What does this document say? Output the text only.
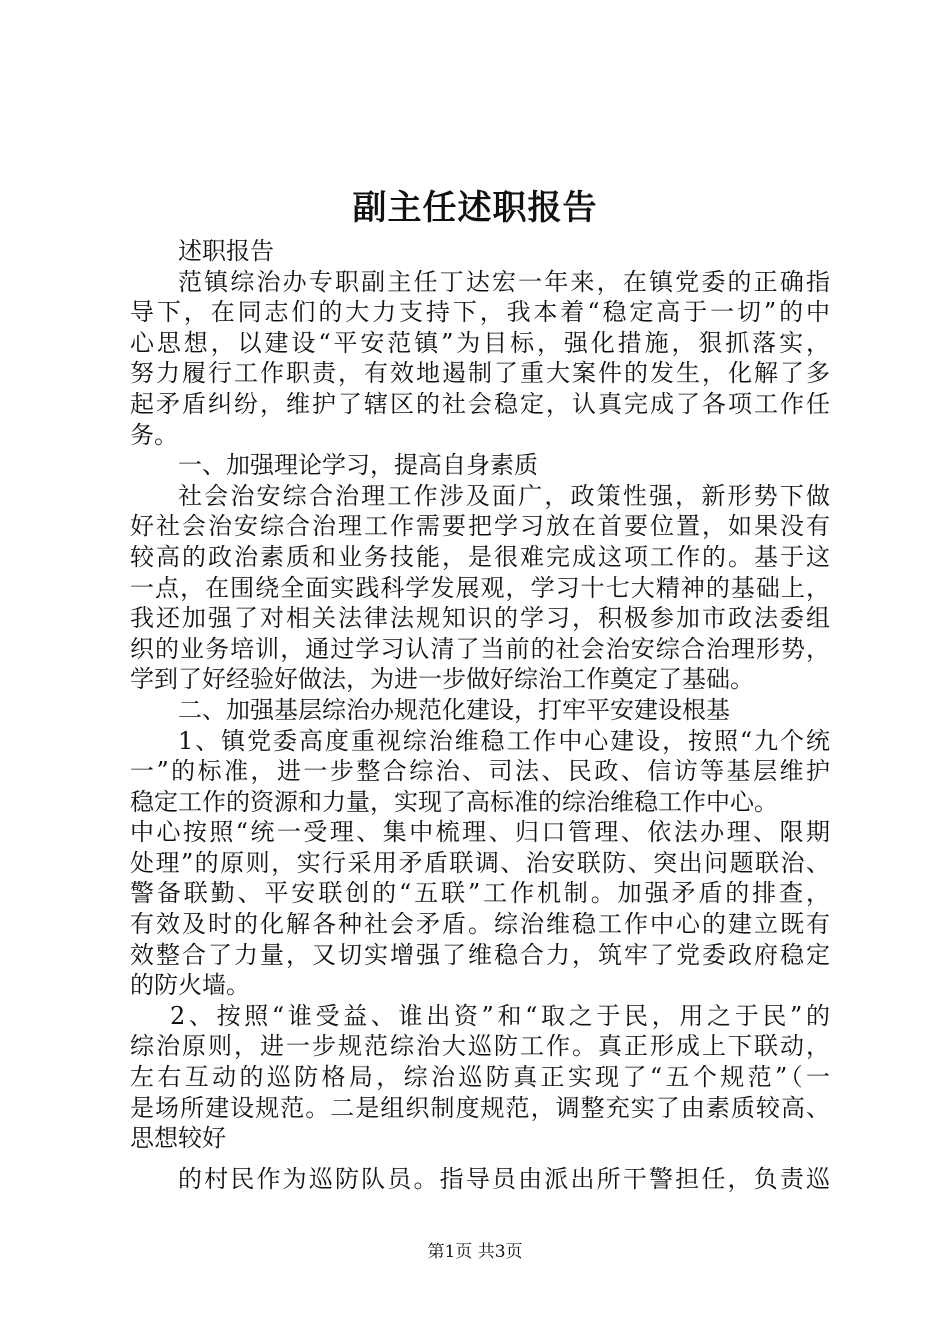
副主任述职报告
述职报告
范镇综治办专职副主任丁达宏一年来，在镇党委的正确指
导下，在同志们的大力支持下，我本着“稳定高于一切”的中
心思想，以建设“平安范镇”为目标，强化措施，狠抓落实，
努力履行工作职责，有效地遏制了重大案件的发生，化解了多
起矛盾纠纷，维护了辖区的社会稳定，认真完成了各项工作任
务。
一、加强理论学习，提高自身素质
社会治安综合治理工作涉及面广，政策性强，新形势下做
好社会治安综合治理工作需要把学习放在首要位置，如果没有
较高的政治素质和业务技能，是很难完成这项工作的。基于这
一点，在围绕全面实践科学发展观，学习十七大精神的基础上，
我还加强了对相关法律法规知识的学习，积极参加市政法委组
织的业务培训，通过学习认清了当前的社会治安综合治理形势，
学到了好经验好做法，为进一步做好综治工作奠定了基础。
二、加强基层综治办规范化建设，打牢平安建设根基
1、镇党委高度重视综治维稳工作中心建设，按照“九个统
一”的标准，进一步整合综治、司法、民政、信访等基层维护
稳定工作的资源和力量，实现了高标准的综治维稳工作中心。
中心按照“统一受理、集中梳理、归口管理、依法办理、限期
处理”的原则，实行采用矛盾联调、治安联防、突出问题联治、
警备联勤、平安联创的“五联”工作机制。加强矛盾的排查，
有效及时的化解各种社会矛盾。综治维稳工作中心的建立既有
效整合了力量，又切实增强了维稳合力，筑牢了党委政府稳定
的防火墙。
2、按照“谁受益、谁出资”和“取之于民，用之于民”的
综治原则，进一步规范综治大巡防工作。真正形成上下联动，
左右互动的巡防格局，综治巡防真正实现了“五个规范”（一
是场所建设规范。二是组织制度规范，调整充实了由素质较高、
思想较好
的村民作为巡防队员。指导员由派出所干警担任，负责巡
第1页 共3页
